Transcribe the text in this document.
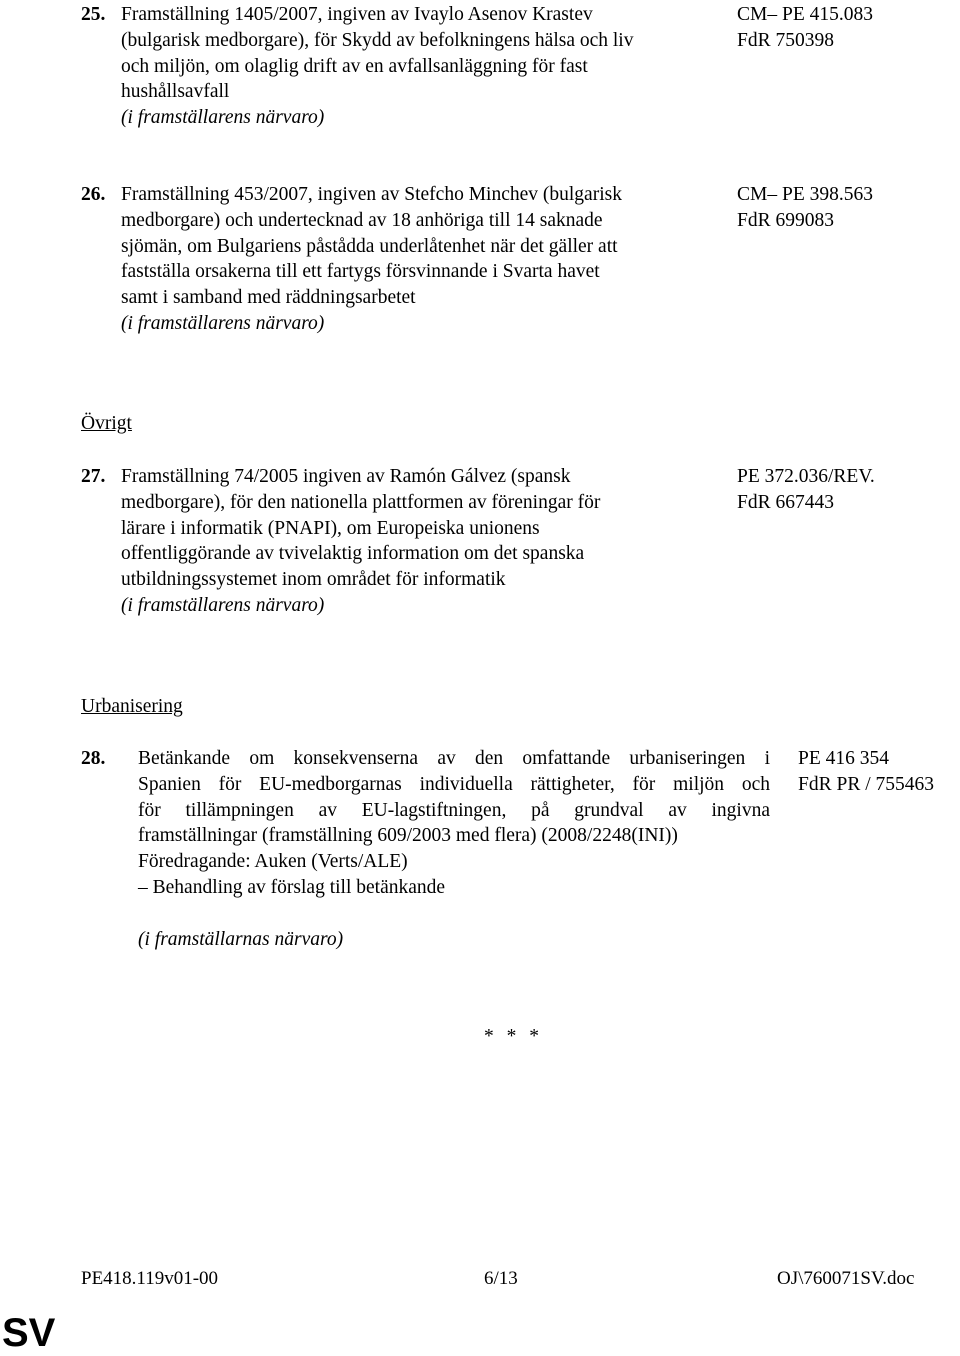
25. Framställning 1405/2007, ingiven av Ivaylo Asenov Krastev
(bulgarisk medborgare), för Skydd av befolkningens hälsa och liv
och miljön, om olaglig drift av en avfallsanläggning för fast
hushållsavfall
(i framställarens närvaro)
CM– PE 415.083
FdR 750398
26. Framställning 453/2007, ingiven av Stefcho Minchev (bulgarisk
medborgare) och undertecknad av 18 anhöriga till 14 saknade
sjömän, om Bulgariens påstådda underlåtenhet när det gäller att
fastställa orsakerna till ett fartygs försvinnande i Svarta havet
samt i samband med räddningsarbetet
(i framställarens närvaro)
CM– PE 398.563
FdR 699083
Övrigt
27. Framställning 74/2005 ingiven av Ramón Gálvez (spansk
medborgare), för den nationella plattformen av föreningar för
lärare i informatik (PNAPI), om Europeiska unionens
offentliggörande av tvivelaktig information om det spanska
utbildningssystemet inom området för informatik
(i framställarens närvaro)
PE 372.036/REV.
FdR 667443
Urbanisering
28. Betänkande om konsekvenserna av den omfattande urbaniseringen i
Spanien för EU-medborgarnas individuella rättigheter, för miljön och
för tillämpningen av EU-lagstiftningen, på grundval av ingivna
framställningar (framställning 609/2003 med flera) (2008/2248(INI))
Föredragande: Auken (Verts/ALE)
– Behandling av förslag till betänkande
(i framställarnas närvaro)
PE 416 354
FdR PR / 755463
* * *
PE418.119v01-00	6/13	OJ\760071SV.doc
SV
